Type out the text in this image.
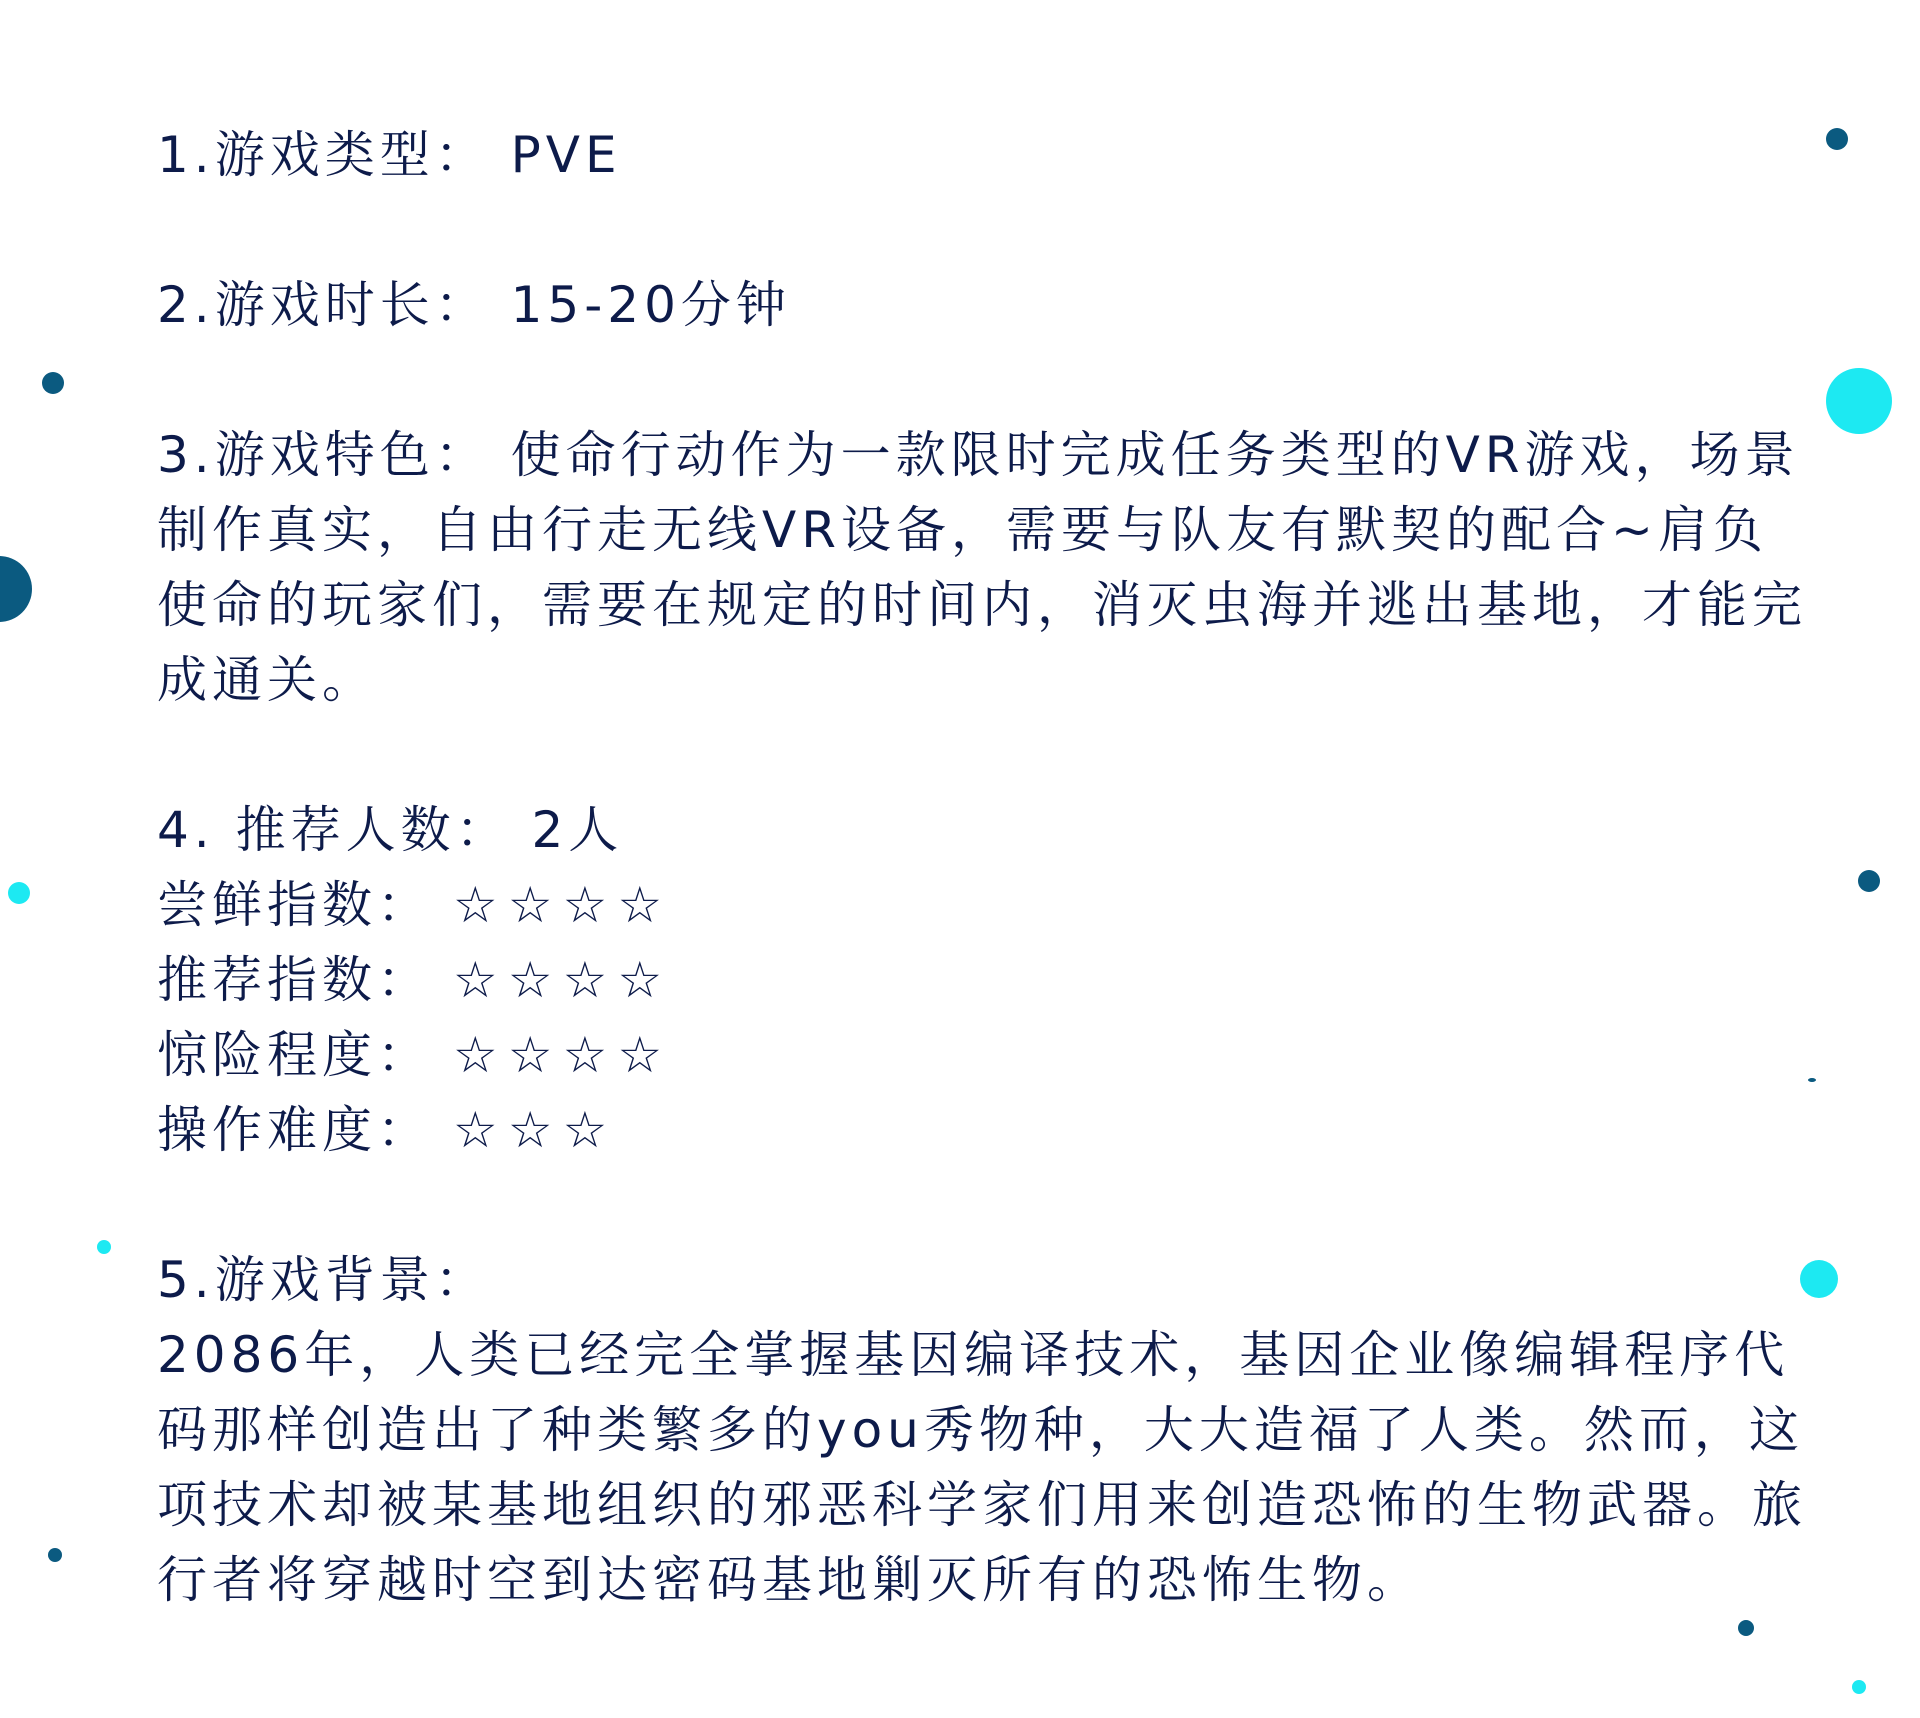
1.游戏类型： PVE
2.游戏时长： 15-20分钟
3.游戏特色： 使命行动作为一款限时完成任务类型的VR游戏，场景制作真实，自由行走无线VR设备，需要与队友有默契的配合~肩负使命的玩家们，需要在规定的时间内，消灭虫海并逃出基地，才能完成通关。
4. 推荐人数： 2人
尝鲜指数： ☆☆☆☆
推荐指数： ☆☆☆☆
惊险程度： ☆☆☆☆
操作难度： ☆☆☆
5.游戏背景：
2086年，人类已经完全掌握基因编译技术，基因企业像编辑程序代码那样创造出了种类繁多的you秀物种，大大造福了人类。然而，这项技术却被某基地组织的邪恶科学家们用来创造恐怖的生物武器。旅行者将穿越时空到达密码基地剿灭所有的恐怖生物。
